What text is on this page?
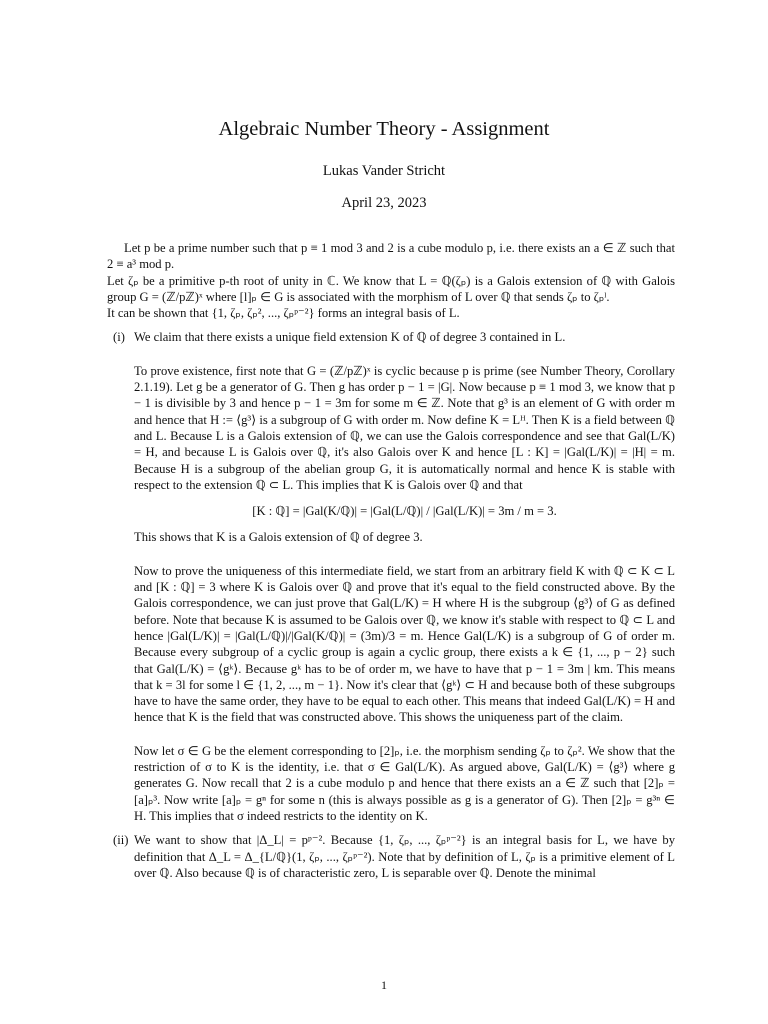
Algebraic Number Theory - Assignment
Lukas Vander Stricht
April 23, 2023

Let p be a prime number such that p ≡ 1 mod 3 and 2 is a cube modulo p, i.e. there exists an a ∈ ℤ such that 2 ≡ a³ mod p.

Let ζₚ be a primitive p-th root of unity in ℂ. We know that L = ℚ(ζₚ) is a Galois extension of ℚ with Galois group G = (ℤ/pℤ)ˣ where [l]ₚ ∈ G is associated with the morphism of L over ℚ that sends ζₚ to ζₚˡ.

It can be shown that {1, ζₚ, ζₚ², ..., ζₚᵖ⁻²} forms an integral basis of L.

(i) We claim that there exists a unique field extension K of ℚ of degree 3 contained in L.

To prove existence, first note that G = (ℤ/pℤ)ˣ is cyclic because p is prime (see Number Theory, Corollary 2.1.19). Let g be a generator of G. Then g has order p − 1 = |G|. Now because p ≡ 1 mod 3, we know that p − 1 is divisible by 3 and hence p − 1 = 3m for some m ∈ ℤ. Note that g³ is an element of G with order m and hence that H := ⟨g³⟩ is a subgroup of G with order m. Now define K = Lᴴ. Then K is a field between ℚ and L. Because L is a Galois extension of ℚ, we can use the Galois correspondence and see that Gal(L/K) = H, and because L is Galois over ℚ, it's also Galois over K and hence [L : K] = |Gal(L/K)| = |H| = m. Because H is a subgroup of the abelian group G, it is automatically normal and hence K is stable with respect to the extension ℚ ⊂ L. This implies that K is Galois over ℚ and that

[K : ℚ] = |Gal(K/ℚ)| = |Gal(L/ℚ)| / |Gal(L/K)| = 3m / m = 3.

This shows that K is a Galois extension of ℚ of degree 3.

Now to prove the uniqueness of this intermediate field, we start from an arbitrary field K with ℚ ⊂ K ⊂ L and [K : ℚ] = 3 where K is Galois over ℚ and prove that it's equal to the field constructed above. By the Galois correspondence, we can just prove that Gal(L/K) = H where H is the subgroup ⟨g³⟩ of G as defined before. Note that because K is assumed to be Galois over ℚ, we know it's stable with respect to ℚ ⊂ L and hence |Gal(L/K)| = |Gal(L/ℚ)|/|Gal(K/ℚ)| = (3m)/3 = m. Hence Gal(L/K) is a subgroup of G of order m. Because every subgroup of a cyclic group is again a cyclic group, there exists a k ∈ {1, ..., p − 2} such that Gal(L/K) = ⟨gᵏ⟩. Because gᵏ has to be of order m, we have to have that p − 1 = 3m | km. This means that k = 3l for some l ∈ {1, 2, ..., m − 1}. Now it's clear that ⟨gᵏ⟩ ⊂ H and because both of these subgroups have to have the same order, they have to be equal to each other. This means that indeed Gal(L/K) = H and hence that K is the field that was constructed above. This shows the uniqueness part of the claim.

Now let σ ∈ G be the element corresponding to [2]ₚ, i.e. the morphism sending ζₚ to ζₚ². We show that the restriction of σ to K is the identity, i.e. that σ ∈ Gal(L/K). As argued above, Gal(L/K) = ⟨g³⟩ where g generates G. Now recall that 2 is a cube modulo p and hence that there exists an a ∈ ℤ such that [2]ₚ = [a]ₚ³. Now write [a]ₚ = gⁿ for some n (this is always possible as g is a generator of G). Then [2]ₚ = g³ⁿ ∈ H. This implies that σ indeed restricts to the identity on K.

(ii) We want to show that |Δ_L| = pᵖ⁻². Because {1, ζₚ, ..., ζₚᵖ⁻²} is an integral basis for L, we have by definition that Δ_L = Δ_{L/ℚ}(1, ζₚ, ..., ζₚᵖ⁻²). Note that by definition of L, ζₚ is a primitive element of L over ℚ. Also because ℚ is of characteristic zero, L is separable over ℚ. Denote the minimal

1
